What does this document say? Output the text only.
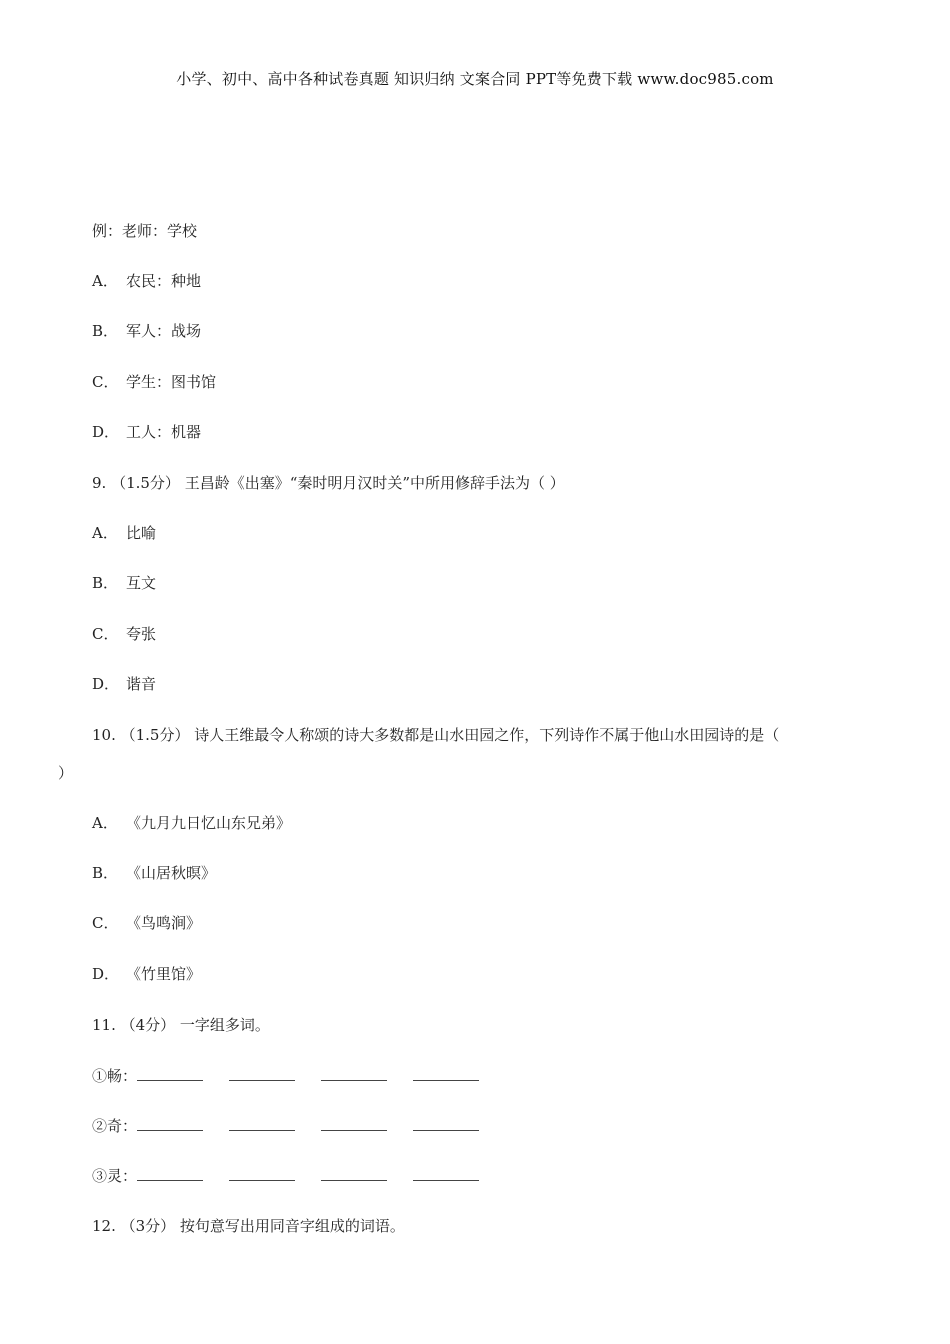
小学、初中、高中各种试卷真题 知识归纳 文案合同 PPT等免费下载 www.doc985.com
例：老师：学校
A． 农民：种地
B． 军人：战场
C． 学生：图书馆
D． 工人：机器
9. （1.5分） 王昌龄《出塞》“秦时明月汉时关”中所用修辞手法为（ ）
A． 比喻
B． 互文
C． 夸张
D． 谐音
10. （1.5分） 诗人王维最令人称颂的诗大多数都是山水田园之作，下列诗作不属于他山水田园诗的是（
）
A． 《九月九日忆山东兄弟》
B． 《山居秋暝》
C． 《鸟鸣涧》
D． 《竹里馆》
11. （4分） 一字组多词。
①畅：
②奇：
③灵：
12. （3分） 按句意写出用同音字组成的词语。
